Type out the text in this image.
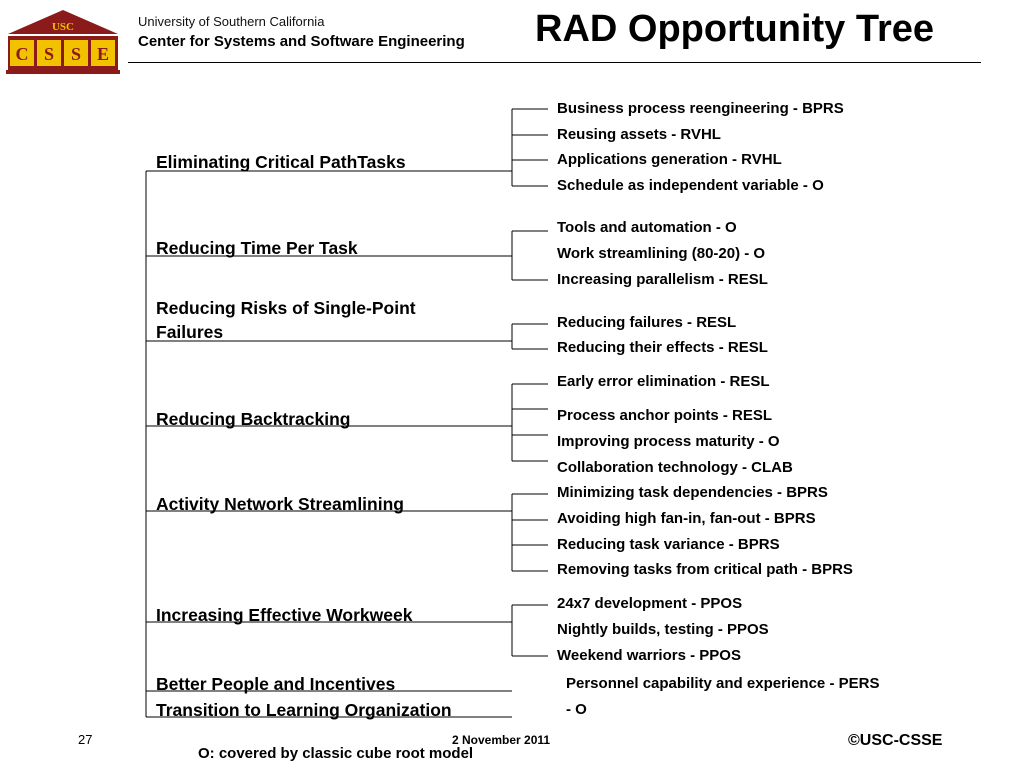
USC
C S S E
University of Southern California
Center for Systems and Software Engineering RAD Opportunity Tree
Eliminating Critical PathTasks
Reducing Time Per Task
Reducing Risks of Single-Point
Failures
Reducing Backtracking
Activity Network Streamlining
Increasing Effective Workweek
Better People and Incentives
Transition to Learning Organization
Business process reengineering - BPRS
Reusing assets - RVHL
Applications generation - RVHL
Schedule as independent variable - O
Tools and automation - O
Work streamlining (80-20) - O
Increasing parallelism - RESL
Reducing failures - RESL
Reducing their effects - RESL
Early error elimination - RESL
Process anchor points - RESL
Improving process maturity - O
Collaboration technology - CLAB
Minimizing task dependencies - BPRS
Avoiding high fan-in, fan-out - BPRS
Reducing task variance - BPRS
Removing tasks from critical path - BPRS
24x7 development - PPOS
Nightly builds, testing - PPOS
Weekend warriors - PPOS
Personnel capability and experience - PERS
- O
27	2 November 2011	©USC-CSSE
O: covered by classic cube root model
